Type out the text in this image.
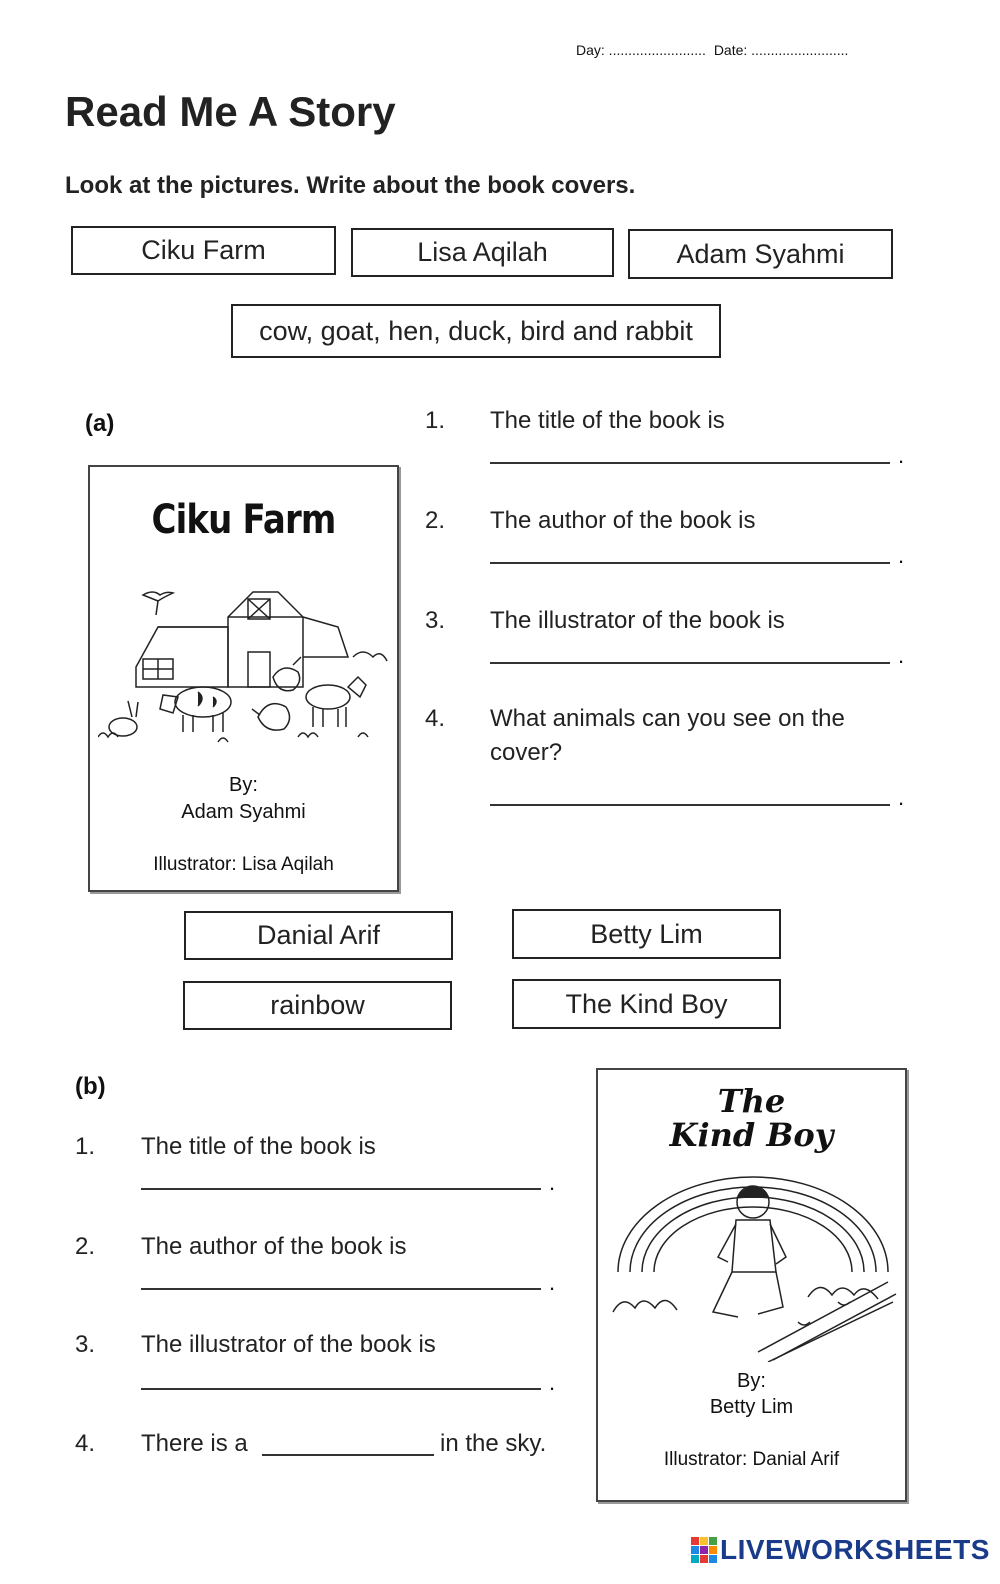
Day: ......................... Date: .........................
Read Me A Story
Look at the pictures. Write about the book covers.
Ciku Farm	Lisa Aqilah	Adam Syahmi
cow, goat, hen, duck, bird and rabbit
(a)
Ciku Farm
By:
Adam Syahmi
Illustrator: Lisa Aqilah
1. The title of the book is
.
2. The author of the book is
.
3. The illustrator of the book is
.
4. What animals can you see on the
cover?
.
Danial Arif	Betty Lim
rainbow	The Kind Boy
(b)
1. The title of the book is
.
2. The author of the book is
.
3. The illustrator of the book is
.
4. There is a	in the sky.
The
Kind Boy
By:
Betty Lim
Illustrator: Danial Arif
LIVEWORKSHEETS
